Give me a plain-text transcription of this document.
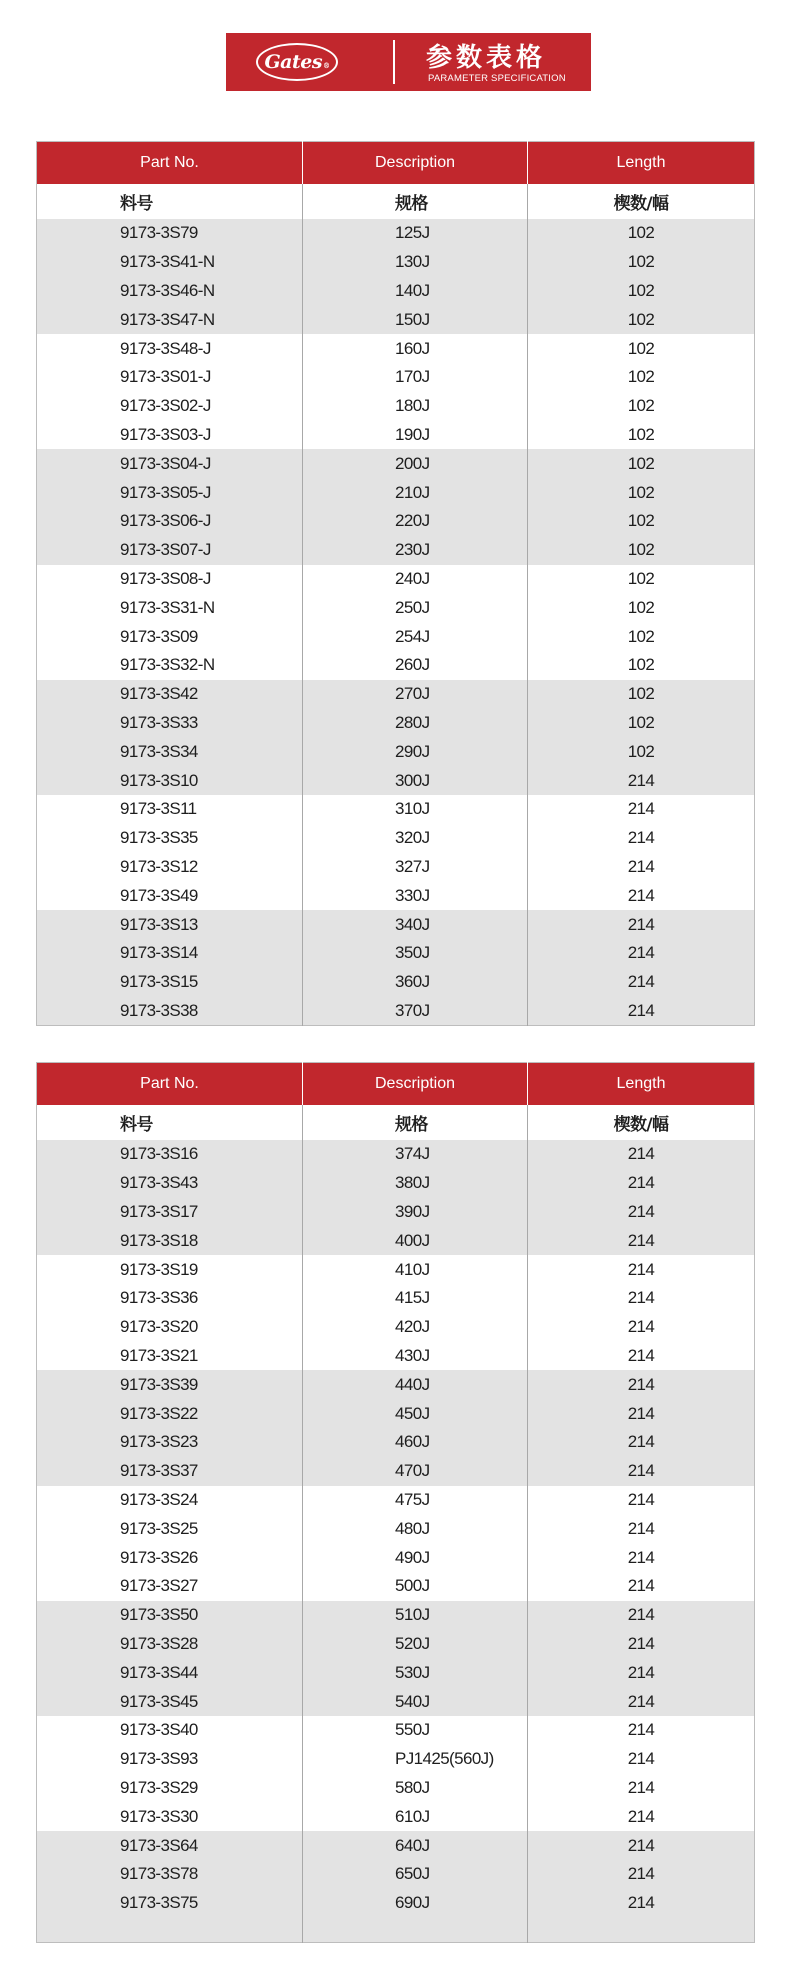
Gates ®	参数表格
PARAMETER SPECIFICATION
Part No.	Description	Length
料号	规格	楔数/幅
9173-3S79	125J	102
9173-3S41-N	130J	102
9173-3S46-N	140J	102
9173-3S47-N	150J	102
9173-3S48-J	160J	102
9173-3S01-J	170J	102
9173-3S02-J	180J	102
9173-3S03-J	190J	102
9173-3S04-J	200J	102
9173-3S05-J	210J	102
9173-3S06-J	220J	102
9173-3S07-J	230J	102
9173-3S08-J	240J	102
9173-3S31-N	250J	102
9173-3S09	254J	102
9173-3S32-N	260J	102
9173-3S42	270J	102
9173-3S33	280J	102
9173-3S34	290J	102
9173-3S10	300J	214
9173-3S11	310J	214
9173-3S35	320J	214
9173-3S12	327J	214
9173-3S49	330J	214
9173-3S13	340J	214
9173-3S14	350J	214
9173-3S15	360J	214
9173-3S38	370J	214
Part No.	Description	Length
料号	规格	楔数/幅
9173-3S16	374J	214
9173-3S43	380J	214
9173-3S17	390J	214
9173-3S18	400J	214
9173-3S19	410J	214
9173-3S36	415J	214
9173-3S20	420J	214
9173-3S21	430J	214
9173-3S39	440J	214
9173-3S22	450J	214
9173-3S23	460J	214
9173-3S37	470J	214
9173-3S24	475J	214
9173-3S25	480J	214
9173-3S26	490J	214
9173-3S27	500J	214
9173-3S50	510J	214
9173-3S28	520J	214
9173-3S44	530J	214
9173-3S45	540J	214
9173-3S40	550J	214
9173-3S93	PJ1425(560J)	214
9173-3S29	580J	214
9173-3S30	610J	214
9173-3S64	640J	214
9173-3S78	650J	214
9173-3S75	690J	214
